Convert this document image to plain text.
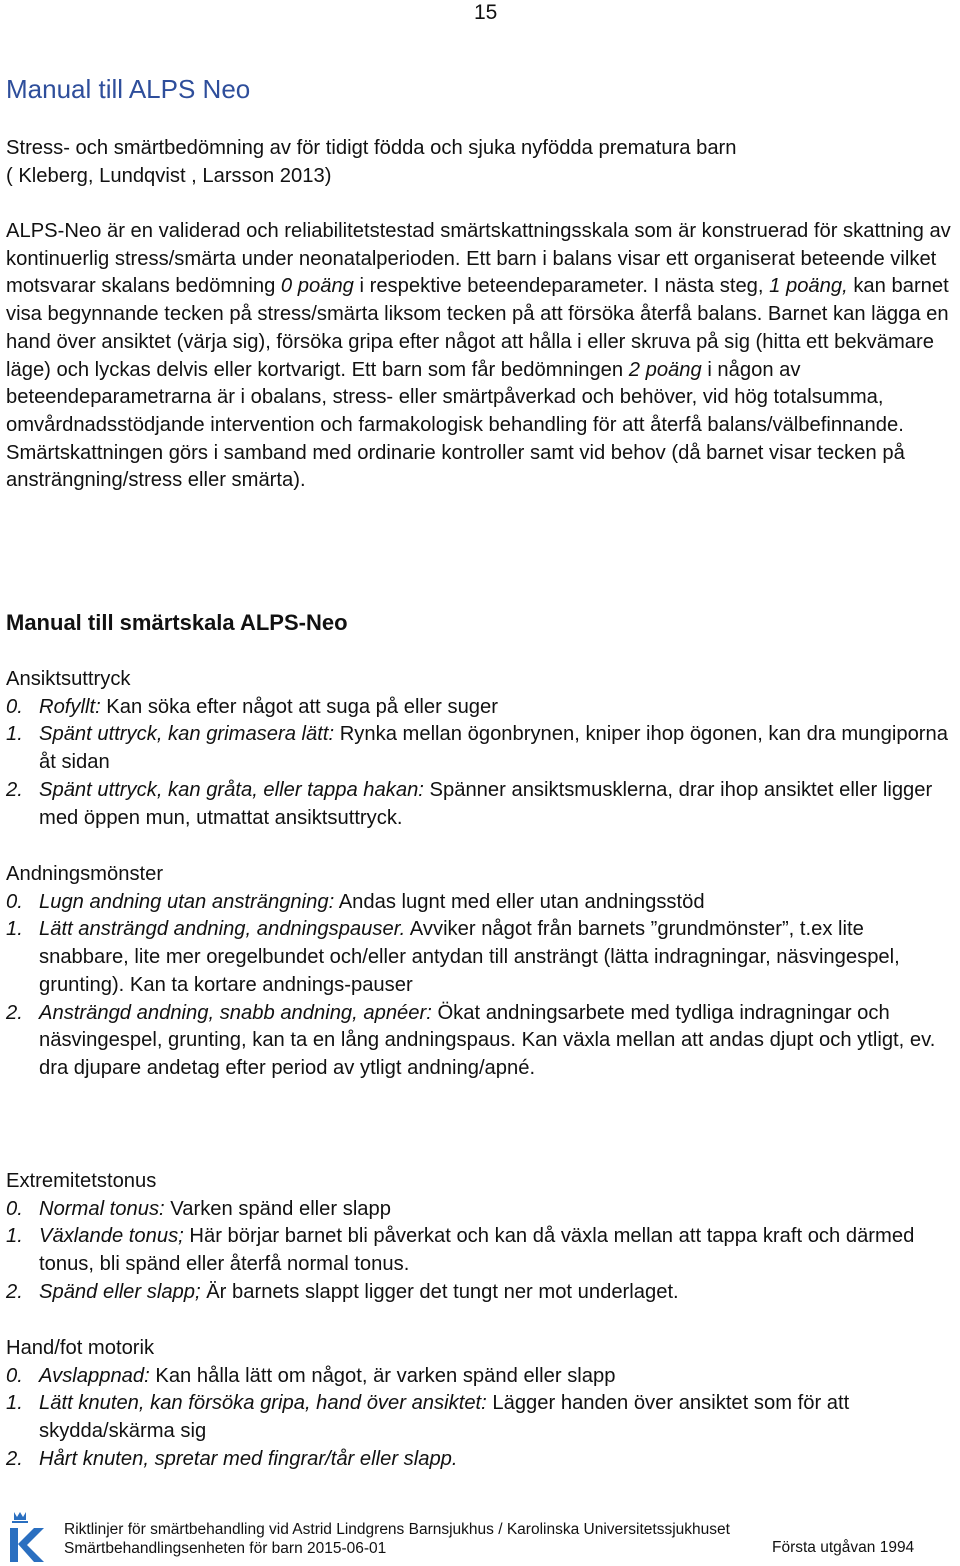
15
Manual till ALPS Neo
Stress- och smärtbedömning av för tidigt födda och sjuka nyfödda prematura barn
( Kleberg, Lundqvist , Larsson 2013)

ALPS-Neo är en validerad och reliabilitetstestad smärtskattningsskala som är konstruerad för skattning av kontinuerlig stress/smärta under neonatalperioden. Ett barn i balans visar ett organiserat beteende vilket motsvarar skalans bedömning 0 poäng i respektive beteendeparameter. I nästa steg, 1 poäng, kan barnet visa begynnande tecken på stress/smärta liksom tecken på att försöka återfå balans. Barnet kan lägga en hand över ansiktet (värja sig), försöka gripa efter något att hålla i eller skruva på sig (hitta ett bekvämare läge) och lyckas delvis eller kortvarigt. Ett barn som får bedömningen 2 poäng i någon av beteendeparametrarna är i obalans, stress- eller smärtpåverkad och behöver, vid hög totalsumma, omvårdnadsstödjande intervention och farmakologisk behandling för att återfå balans/välbefinnande.

Smärtskattningen görs i samband med ordinarie kontroller samt vid behov (då barnet visar tecken på ansträngning/stress eller smärta).

Manual till smärtskala ALPS-Neo
Ansiktsuttryck
0. Rofyllt: Kan söka efter något att suga på eller suger
1. Spänt uttryck, kan grimasera lätt: Rynka mellan ögonbrynen, kniper ihop ögonen, kan dra mungiporna åt sidan
2. Spänt uttryck, kan gråta, eller tappa hakan: Spänner ansiktsmusklerna, drar ihop ansiktet eller ligger med öppen mun, utmattat ansiktsuttryck.
Andningsmönster
0. Lugn andning utan ansträngning: Andas lugnt med eller utan andningsstöd
1. Lätt ansträngd andning, andningspauser. Avviker något från barnets ”grundmönster”, t.ex lite snabbare, lite mer oregelbundet och/eller antydan till ansträngt (lätta indragningar, näsvingespel, grunting). Kan ta kortare andnings-pauser
2. Ansträngd andning, snabb andning, apnéer: Ökat andningsarbete med tydliga indragningar och näsvingespel, grunting, kan ta en lång andningspaus. Kan växla mellan att andas djupt och ytligt, ev. dra djupare andetag efter period av ytligt andning/apné.
Extremitetstonus
0. Normal tonus: Varken spänd eller slapp
1. Växlande tonus; Här börjar barnet bli påverkat och kan då växla mellan att tappa kraft och därmed tonus, bli spänd eller återfå normal tonus.
2. Spänd eller slapp; Är barnets slappt ligger det tungt ner mot underlaget.
Hand/fot motorik
0. Avslappnad: Kan hålla lätt om något, är varken spänd eller slapp
1. Lätt knuten, kan försöka gripa, hand över ansiktet: Lägger handen över ansiktet som för att skydda/skärma sig
2. Hårt knuten, spretar med fingrar/tår eller slapp.
Riktlinjer för smärtbehandling vid Astrid Lindgrens Barnsjukhus / Karolinska Universitetssjukhuset
Smärtbehandlingsenheten för barn 2015-06-01	Första utgåvan 1994
